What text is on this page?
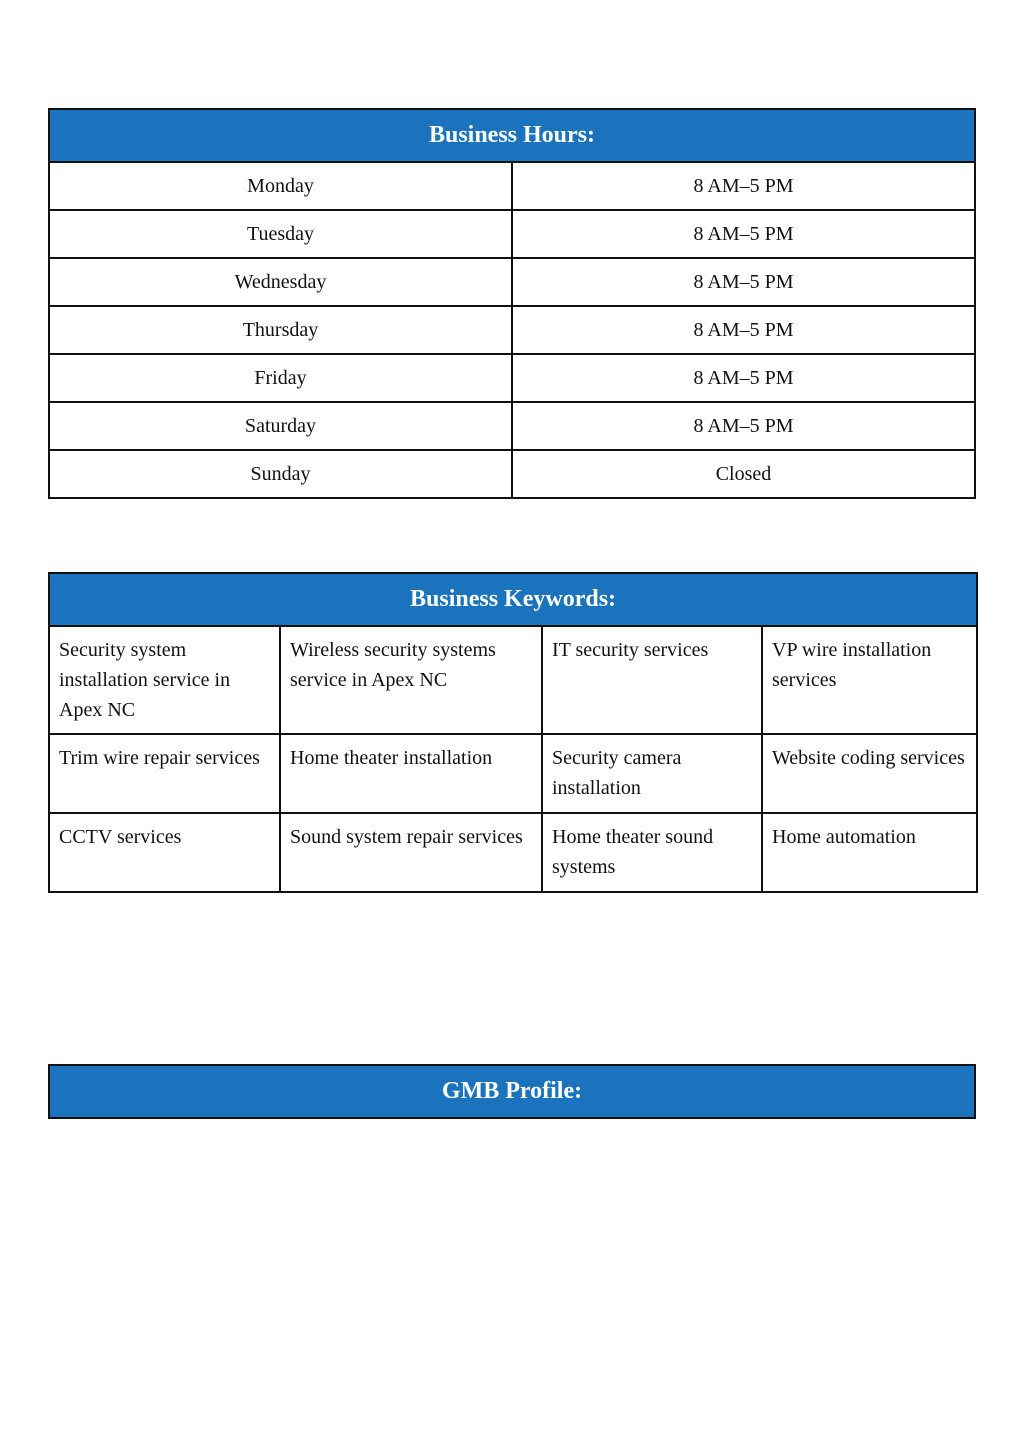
Business Hours:	
Monday	8 AM–5 PM
Tuesday	8 AM–5 PM
Wednesday	8 AM–5 PM
Thursday	8 AM–5 PM
Friday	8 AM–5 PM
Saturday	8 AM–5 PM
Sunday	Closed
Business Keywords:			
Security system installation service in Apex NC	Wireless security systems service in Apex NC	IT security services	VP wire installation services
Trim wire repair services	Home theater installation	Security camera installation	Website coding services
CCTV services	Sound system repair services	Home theater sound systems	Home automation
GMB Profile:
